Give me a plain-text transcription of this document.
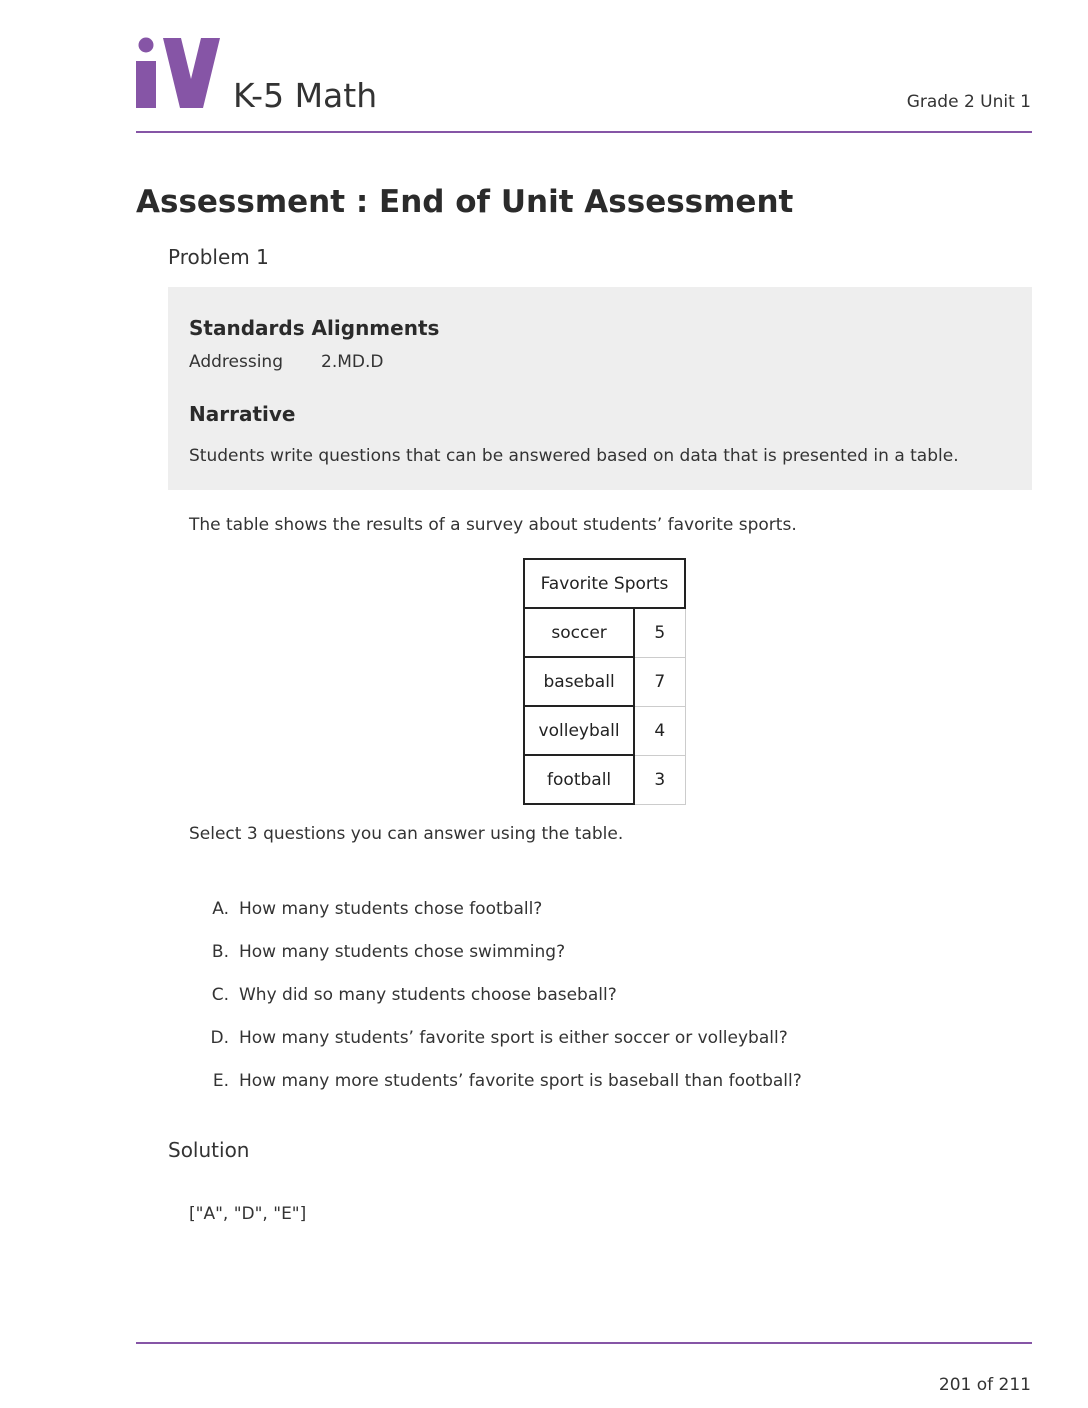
K-5 Math	Grade 2 Unit 1
Assessment : End of Unit Assessment
Problem 1
Standards Alignments
Addressing 2.MD.D
Narrative
Students write questions that can be answered based on data that is presented in a table.
The table shows the results of a survey about students’ favorite sports.
Favorite Sports	
soccer	5
baseball	7
volleyball	4
football	3
Select 3 questions you can answer using the table.
A. How many students chose football?
B. How many students chose swimming?
C. Why did so many students choose baseball?
D. How many students’ favorite sport is either soccer or volleyball?
E. How many more students’ favorite sport is baseball than football?
Solution
["A", "D", "E"]
201 of 211
